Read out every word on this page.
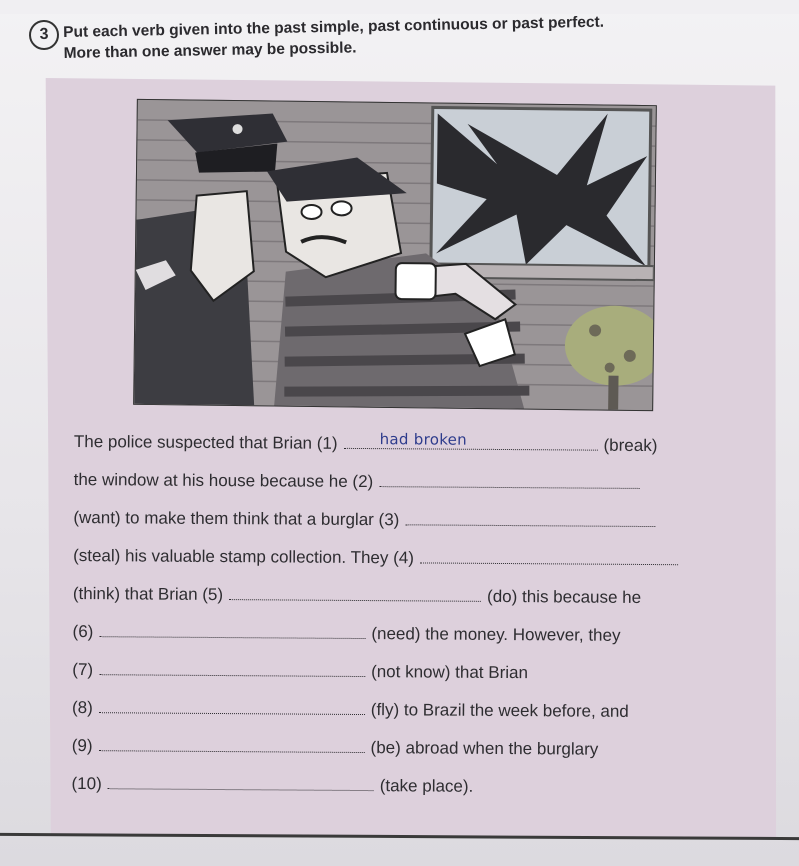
3 Put each verb given into the past simple, past continuous or past perfect.
More than one answer may be possible.
The police suspected that Brian (1)	had broken	(break)
the window at his house because he (2)
(want) to make them think that a burglar (3)
(steal) his valuable stamp collection. They (4)
(think) that Brian (5)	(do) this because he
(6)	(need) the money. However, they
(7)	(not know) that Brian
(8)	(fly) to Brazil the week before, and
(9)	(be) abroad when the burglary
(10)	(take place).
